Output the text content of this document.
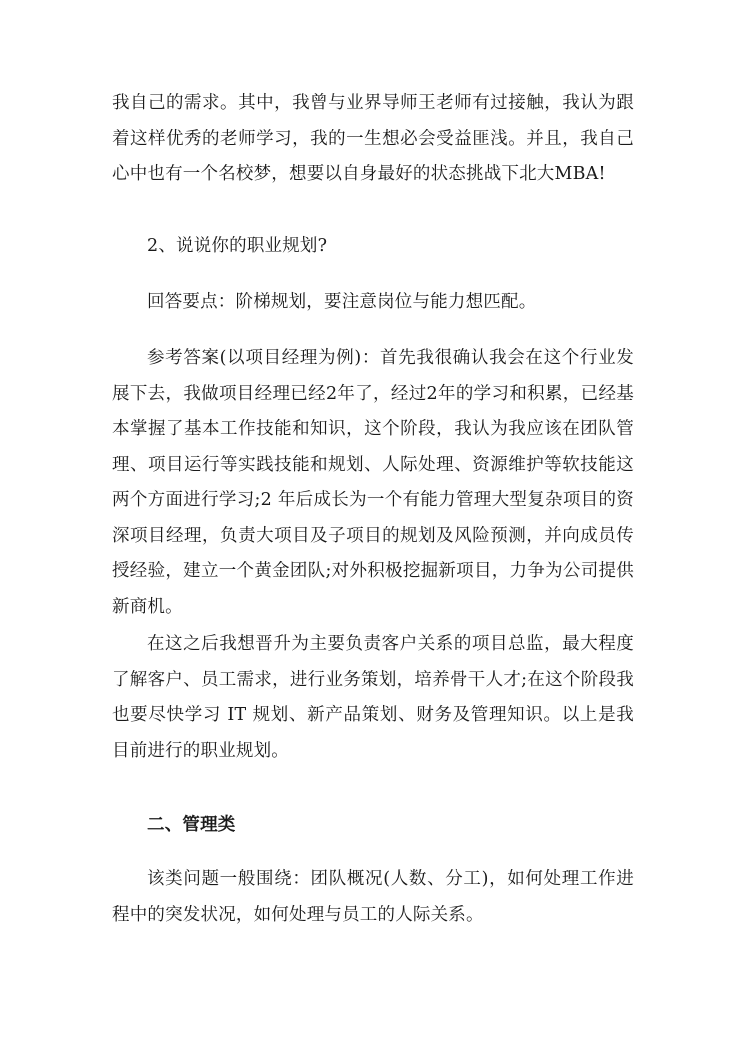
我自己的需求。其中，我曾与业界导师王老师有过接触，我认为跟着这样优秀的老师学习，我的一生想必会受益匪浅。并且，我自己心中也有一个名校梦，想要以自身最好的状态挑战下北大MBA!

2、说说你的职业规划?

回答要点：阶梯规划，要注意岗位与能力想匹配。

参考答案(以项目经理为例)：首先我很确认我会在这个行业发展下去，我做项目经理已经2年了，经过2年的学习和积累，已经基本掌握了基本工作技能和知识，这个阶段，我认为我应该在团队管理、项目运行等实践技能和规划、人际处理、资源维护等软技能这两个方面进行学习;2 年后成长为一个有能力管理大型复杂项目的资深项目经理，负责大项目及子项目的规划及风险预测，并向成员传授经验，建立一个黄金团队;对外积极挖掘新项目，力争为公司提供新商机。

在这之后我想晋升为主要负责客户关系的项目总监，最大程度了解客户、员工需求，进行业务策划，培养骨干人才;在这个阶段我也要尽快学习 IT 规划、新产品策划、财务及管理知识。以上是我目前进行的职业规划。

二、管理类

该类问题一般围绕：团队概况(人数、分工)，如何处理工作进程中的突发状况，如何处理与员工的人际关系。
